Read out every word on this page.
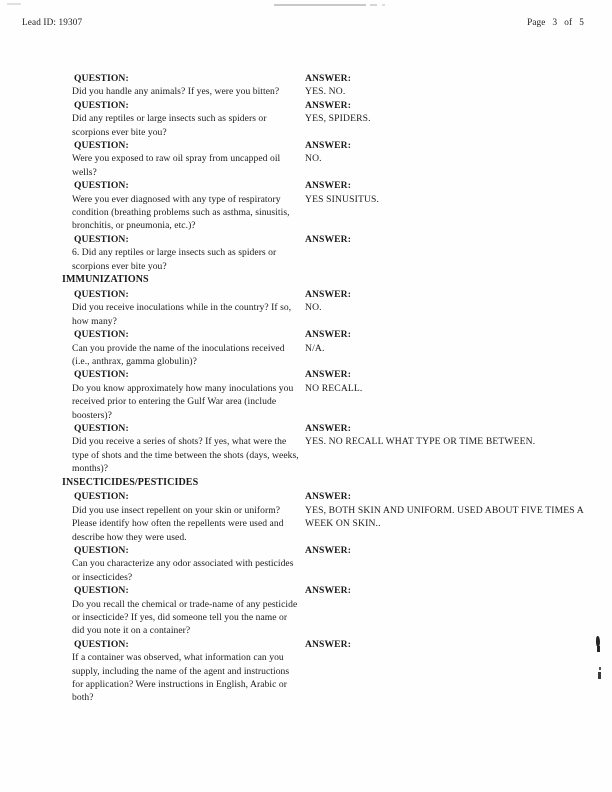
Lead ID: 19307	Page 3 of 5
QUESTION:
Did you handle any animals? If yes, were you bitten?
ANSWER:
YES. NO.
QUESTION:
Did any reptiles or large insects such as spiders or scorpions ever bite you?
ANSWER:
YES, SPIDERS.
QUESTION:
Were you exposed to raw oil spray from uncapped oil wells?
ANSWER:
NO.
QUESTION:
Were you ever diagnosed with any type of respiratory condition (breathing problems such as asthma, sinusitis, bronchitis, or pneumonia, etc.)?
ANSWER:
YES SINUSITUS.
QUESTION:
6. Did any reptiles or large insects such as spiders or scorpions ever bite you?
ANSWER:
IMMUNIZATIONS
QUESTION:
Did you receive inoculations while in the country? If so, how many?
ANSWER:
NO.
QUESTION:
Can you provide the name of the inoculations received (i.e., anthrax, gamma globulin)?
ANSWER:
N/A.
QUESTION:
Do you know approximately how many inoculations you received prior to entering the Gulf War area (include boosters)?
ANSWER:
NO RECALL.
QUESTION:
Did you receive a series of shots? If yes, what were the type of shots and the time between the shots (days, weeks, months)?
ANSWER:
YES. NO RECALL WHAT TYPE OR TIME BETWEEN.
INSECTICIDES/PESTICIDES
QUESTION:
Did you use insect repellent on your skin or uniform? Please identify how often the repellents were used and describe how they were used.
ANSWER:
YES, BOTH SKIN AND UNIFORM. USED ABOUT FIVE TIMES A WEEK ON SKIN..
QUESTION:
Can you characterize any odor associated with pesticides or insecticides?
ANSWER:
QUESTION:
Do you recall the chemical or trade-name of any pesticide or insecticide? If yes, did someone tell you the name or did you note it on a container?
ANSWER:
QUESTION:
If a container was observed, what information can you supply, including the name of the agent and instructions for application? Were instructions in English, Arabic or both?
ANSWER:
